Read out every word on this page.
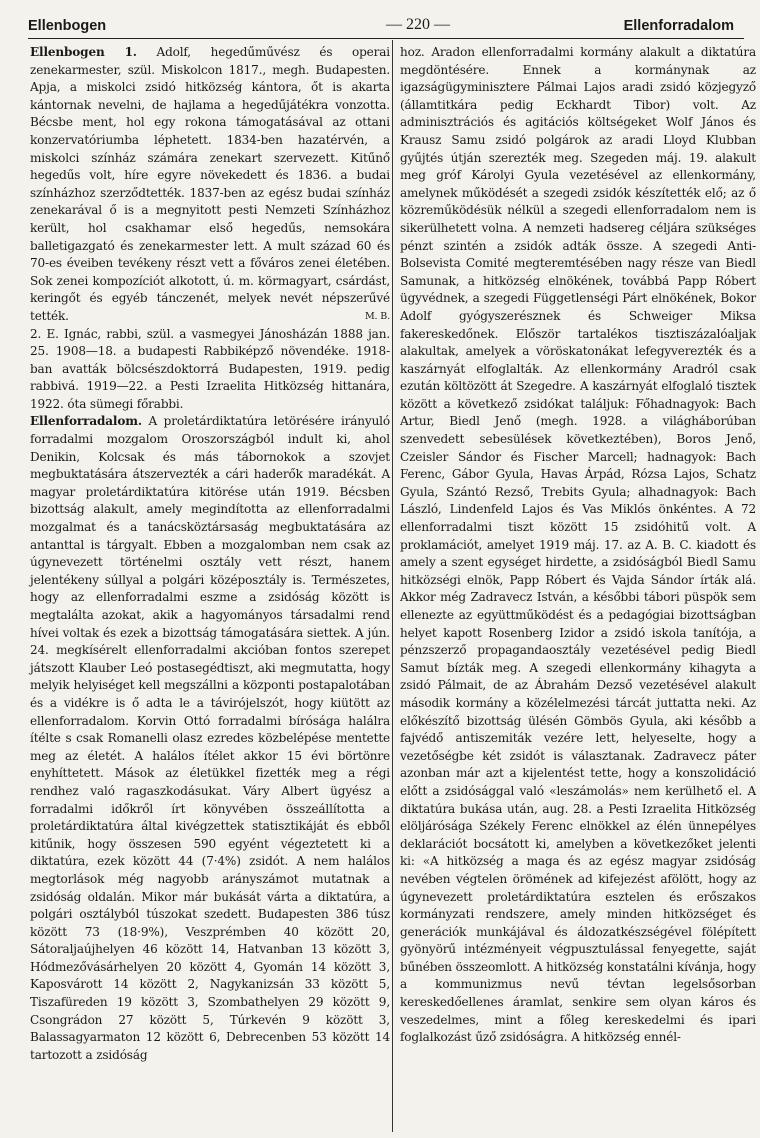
Ellenbogen	— 220 —	Ellenforradalom

Ellenbogen 1. Adolf, hegedűművész és operai zenekarmester, szül. Miskolcon 1817., megh. Budapesten. Apja, a miskolci zsidó hitközség kántora, őt is akarta kántornak nevelni, de hajlama a hegedűjátékra vonzotta. Bécsbe ment, hol egy rokona támogatásával az ottani konzervatóriumba léphetett. 1834-ben hazatérvén, a miskolci színház számára zenekart szervezett. Kitűnő hegedűs volt, híre egyre növekedett és 1836. a budai színházhoz szerződtették. 1837-ben az egész budai színház zenekarával ő is a megnyitott pesti Nemzeti Színházhoz került, hol csakhamar első hegedűs, nemsokára balletigazgató és zenekarmester lett. A mult század 60 és 70-es éveiben tevékeny részt vett a főváros zenei életében. Sok zenei kompozíciót alkotott, ú. m. körmagyart, csárdást, keringőt és egyéb tánczenét, melyek nevét népszerűvé tették.	M. B.

2. E. Ignác, rabbi, szül. a vasmegyei Jánosházán 1888 jan. 25. 1908—18. a budapesti Rabbiképző növendéke. 1918-ban avatták bölcsészdoktorrá Budapesten, 1919. pedig rabbivá. 1919—22. a Pesti Izraelita Hitközség hittanára, 1922. óta sümegi főrabbi.

Ellenforradalom. A proletárdiktatúra letörésére irányuló forradalmi mozgalom Oroszországból indult ki, ahol Denikin, Kolcsak és más tábornokok a szovjet megbuktatására átszervezték a cári haderők maradékát. A magyar proletárdiktatúra kitörése után 1919. Bécsben bizottság alakult, amely megindította az ellenforradalmi mozgalmat és a tanácsköztársaság megbuktatására az antanttal is tárgyalt. Ebben a mozgalomban nem csak az úgynevezett történelmi osztály vett részt, hanem jelentékeny súllyal a polgári középosztály is. Természetes, hogy az ellenforradalmi eszme a zsidóság között is megtalálta azokat, akik a hagyományos társadalmi rend hívei voltak és ezek a bizottság támogatására siettek. A jún. 24. megkísérelt ellenforradalmi akcióban fontos szerepet játszott Klauber Leó postasegédtiszt, aki megmutatta, hogy melyik helyiséget kell megszállni a központi postapalotában és a vidékre is ő adta le a távirójelszót, hogy kiütött az ellenforradalom. Korvin Ottó forradalmi bírósága halálra ítélte s csak Romanelli olasz ezredes közbelépése mentette meg az életét. A halálos ítélet akkor 15 évi börtönre enyhíttetett. Mások az életükkel fizették meg a régi rendhez való ragaszkodásukat. Váry Albert ügyész a forradalmi időkről írt könyvében összeállította a proletárdiktatúra által kivégzettek statisztikáját és ebből kitűnik, hogy összesen 590 egyént végeztetett ki a diktatúra, ezek között 44 (7·4%) zsidót. A nem halálos megtorlások még nagyobb arányszámot mutatnak a zsidóság oldalán. Mikor már bukását várta a diktatúra, a polgári osztályból túszokat szedett. Budapesten 386 túsz között 73 (18·9%), Veszprémben 40 között 20, Sátoraljaújhelyen 46 között 14, Hatvanban 13 között 3, Hódmezővásárhelyen 20 között 4, Gyomán 14 között 3, Kaposvárott 14 között 2, Nagykanizsán 33 között 5, Tiszafüreden 19 között 3, Szombathelyen 29 között 9, Csongrádon 27 között 5, Túrkevén 9 között 3, Balassagyarmaton 12 között 6, Debrecenben 53 között 14 tartozott a zsidóság

hoz. Aradon ellenforradalmi kormány alakult a diktatúra megdöntésére. Ennek a kormánynak az igazságügyminisztere Pálmai Lajos aradi zsidó közjegyző (államtitkára pedig Eckhardt Tibor) volt. Az adminisztrációs és agitációs költségeket Wolf János és Krausz Samu zsidó polgárok az aradi Lloyd Klubban gyűjtés útján szerezték meg. Szegeden máj. 19. alakult meg gróf Károlyi Gyula vezetésével az ellenkormány, amelynek működését a szegedi zsidók készítették elő; az ő közreműködésük nélkül a szegedi ellenforradalom nem is sikerülhetett volna. A nemzeti hadsereg céljára szükséges pénzt szintén a zsidók adták össze. A szegedi Anti-Bolsevista Comité megteremtésében nagy része van Biedl Samunak, a hitközség elnökének, továbbá Papp Róbert ügyvédnek, a szegedi Függetlenségi Párt elnökének, Bokor Adolf gyógyszerésznek és Schweiger Miksa fakereskedőnek. Először tartalékos tisztiszázalóaljak alakultak, amelyek a vöröskatonákat lefegyverezték és a kaszárnyát elfoglalták. Az ellenkormány Aradról csak ezután költözött át Szegedre. A kaszárnyát elfoglaló tisztek között a következő zsidókat találjuk: Főhadnagyok: Bach Artur, Biedl Jenő (megh. 1928. a világháborúban szenvedett sebesülések következtében), Boros Jenő, Czeisler Sándor és Fischer Marcell; hadnagyok: Bach Ferenc, Gábor Gyula, Havas Árpád, Rózsa Lajos, Schatz Gyula, Szántó Rezső, Trebits Gyula; alhadnagyok: Bach László, Lindenfeld Lajos és Vas Miklós önkéntes. A 72 ellenforradalmi tiszt között 15 zsidóhitű volt. A proklamációt, amelyet 1919 máj. 17. az A. B. C. kiadott és amely a szent egységet hirdette, a zsidóságból Biedl Samu hitközségi elnök, Papp Róbert és Vajda Sándor írták alá. Akkor még Zadravecz István, a későbbi tábori püspök sem ellenezte az együttműködést és a pedagógiai bizottságban helyet kapott Rosenberg Izidor a zsidó iskola tanítója, a pénzszerző propagandaosztály vezetésével pedig Biedl Samut bízták meg. A szegedi ellenkormány kihagyta a zsidó Pálmait, de az Ábrahám Dezső vezetésével alakult második kormány a közélelmezési tárcát juttatta neki. Az előkészítő bizottság ülésén Gömbös Gyula, aki később a fajvédő antiszemiták vezére lett, helyeselte, hogy a vezetőségbe két zsidót is választanak. Zadravecz páter azonban már azt a kijelentést tette, hogy a konszolidáció előtt a zsidósággal való «leszámolás» nem kerülhető el. A diktatúra bukása után, aug. 28. a Pesti Izraelita Hitközség elöljárósága Székely Ferenc elnökkel az élén ünnepélyes deklarációt bocsátott ki, amelyben a következőket jelenti ki: «A hitközség a maga és az egész magyar zsidóság nevében végtelen örömének ad kifejezést afölött, hogy az úgynevezett proletárdiktatúra esztelen és erőszakos kormányzati rendszere, amely minden hitközséget és generációk munkájával és áldozatkészségével fölépített gyönyörű intézményeit végpusztulással fenyegette, saját bűnében összeomlott. A hitközség konstatálni kívánja, hogy a kommunizmus nevű tévtan legelsősorban kereskedőellenes áramlat, senkire sem olyan káros és veszedelmes, mint a főleg kereskedelmi és ipari foglalkozást űző zsidóságra. A hitközség ennél-
